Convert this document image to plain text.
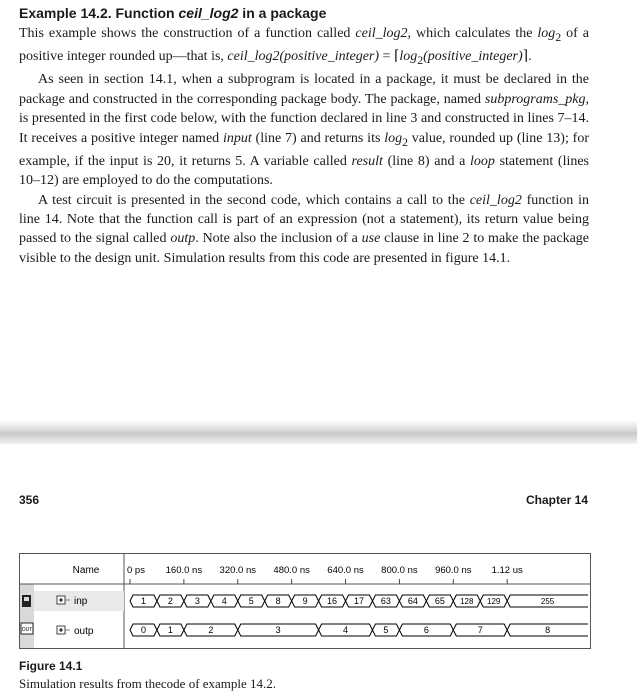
Example 14.2. Function ceil_log2 in a package

This example shows the construction of a function called ceil_log2, which calculates the $\log_2$ of a positive integer rounded up—that is, ceil_log2(positive_integer) = $⌈\log_2(positive\_integer)⌉$.

As seen in section 14.1, when a subprogram is located in a package, it must be declared in the package and constructed in the corresponding package body. The package, named subprograms_pkg, is presented in the first code below, with the function declared in line 3 and constructed in lines 7–14. It receives a positive integer named input (line 7) and returns its $\log_2$ value, rounded up (line 13); for example, if the input is 20, it returns 5. A variable called result (line 8) and a loop statement (lines 10–12) are employed to do the computations.

A test circuit is presented in the second code, which contains a call to the ceil_log2 function in line 14. Note that the function call is part of an expression (not a statement), its return value being passed to the signal called outp. Note also the inclusion of a use clause in line 2 to make the package visible to the design unit. Simulation results from this code are presented in figure 14.1.

356	Chapter 14

Name
inp
OUT	outp
0 ps 160.0 ns 320.0 ns 480.0 ns 640.0 ns 800.0 ns 960.0 ns 1.12 us
1 2 3 4 5 8 9 16 17 63 64 65 128 129	255
0 1	2	3	4	5	6	7	8

Figure 14.1

Simulation results from thecode of example 14.2.
